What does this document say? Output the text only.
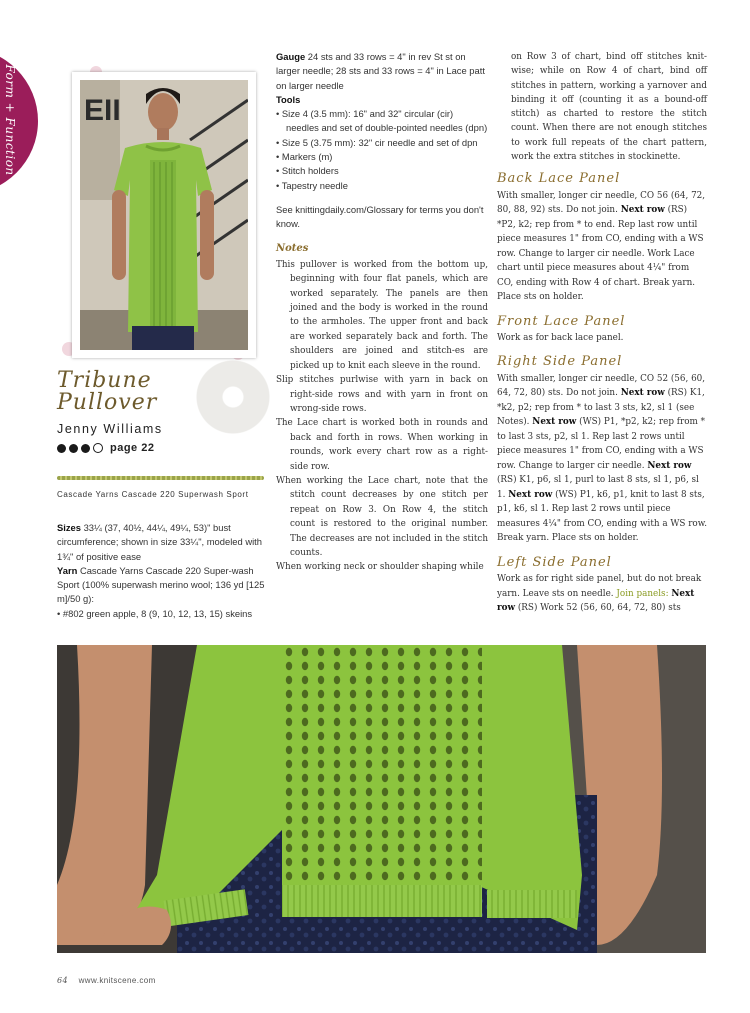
Form + Function EII
Tribune
Pullover
Jenny Williams
page 22
Cascade Yarns Cascade 220 Superwash Sport

Sizes 33¼ (37, 40½, 44¼, 49¼, 53)" bust circumference; shown in size 33¼", modeled with 1¾" of positive ease

Yarn Cascade Yarns Cascade 220 Super-wash Sport (100% superwash merino wool; 136 yd [125 m]/50 g):

• #802 green apple, 8 (9, 10, 12, 13, 15) skeins

Gauge 24 sts and 33 rows = 4" in rev St st on larger needle; 28 sts and 33 rows = 4" in Lace patt on larger needle

Tools

• Size 4 (3.5 mm): 16" and 32" circular (cir) needles and set of double-pointed needles (dpn)

• Size 5 (3.75 mm): 32" cir needle and set of dpn

• Markers (m)

• Stitch holders

• Tapestry needle

See knittingdaily.com/Glossary for terms you don't know.

Notes

This pullover is worked from the bottom up, beginning with four flat panels, which are worked separately. The panels are then joined and the body is worked in the round to the armholes. The upper front and back are worked separately back and forth. The shoulders are joined and stitch-es are picked up to knit each sleeve in the round.

Slip stitches purlwise with yarn in back on right-side rows and with yarn in front on wrong-side rows.

The Lace chart is worked both in rounds and back and forth in rows. When working in rounds, work every chart row as a right-side row.

When working the Lace chart, note that the stitch count decreases by one stitch per repeat on Row 3. On Row 4, the stitch count is restored to the original number. The decreases are not included in the stitch counts.

When working neck or shoulder shaping while

on Row 3 of chart, bind off stitches knit-wise; while on Row 4 of chart, bind off stitches in pattern, working a yarnover and binding it off (counting it as a bound-off stitch) as charted to restore the stitch count. When there are not enough stitches to work full repeats of the chart pattern, work the extra stitches in stockinette.

Back Lace Panel

With smaller, longer cir needle, CO 56 (64, 72, 80, 88, 92) sts. Do not join. Next row (RS) *P2, k2; rep from * to end. Rep last row until piece measures 1" from CO, ending with a WS row. Change to larger cir needle. Work Lace chart until piece measures about 4¼" from CO, ending with Row 4 of chart. Break yarn. Place sts on holder.

Front Lace Panel

Work as for back lace panel.

Right Side Panel

With smaller, longer cir needle, CO 52 (56, 60, 64, 72, 80) sts. Do not join. Next row (RS) K1, *k2, p2; rep from * to last 3 sts, k2, sl 1 (see Notes). Next row (WS) P1, *p2, k2; rep from * to last 3 sts, p2, sl 1. Rep last 2 rows until piece measures 1" from CO, ending with a WS row. Change to larger cir needle. Next row (RS) K1, p6, sl 1, purl to last 8 sts, sl 1, p6, sl 1. Next row (WS) P1, k6, p1, knit to last 8 sts, p1, k6, sl 1. Rep last 2 rows until piece measures 4¼" from CO, ending with a WS row. Break yarn. Place sts on holder.

Left Side Panel

Work as for right side panel, but do not break yarn. Leave sts on needle. Join panels: Next row (RS) Work 52 (56, 60, 64, 72, 80) sts

64 www.knitscene.com
